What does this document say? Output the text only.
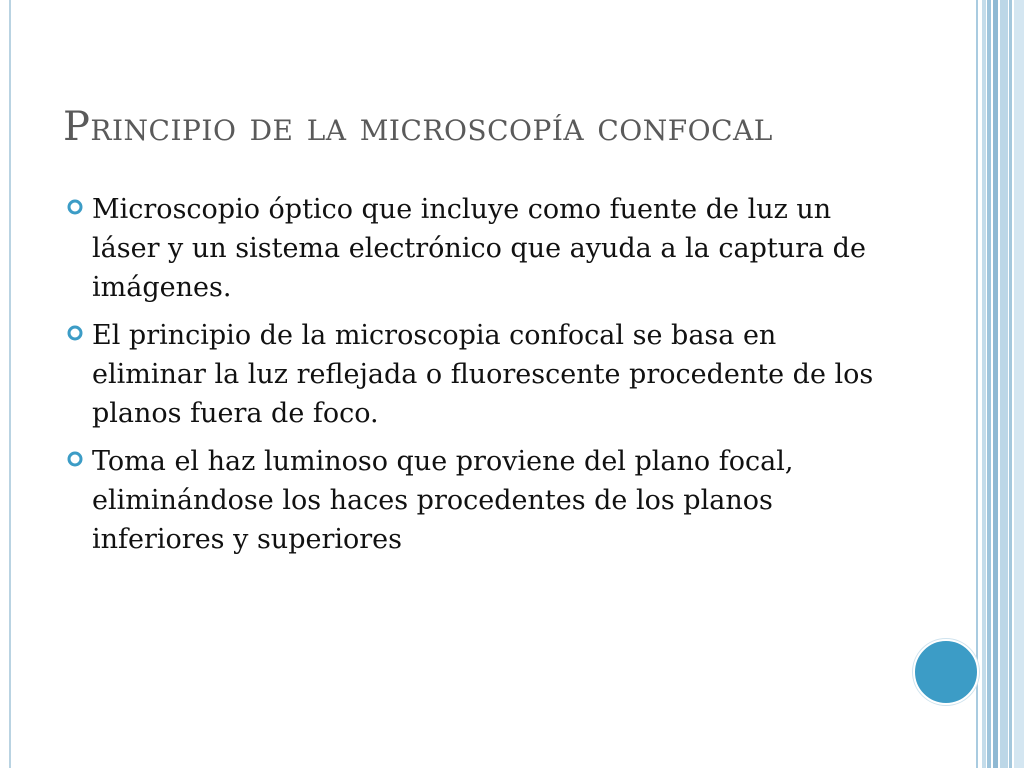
Principio de la microscopía confocal
Microscopio óptico que incluye como fuente de luz un láser y un sistema electrónico que ayuda a la captura de imágenes.
El principio de la microscopia confocal se basa en eliminar la luz reflejada o fluorescente procedente de los planos fuera de foco.
Toma el haz luminoso que proviene del plano focal, eliminándose los haces procedentes de los planos inferiores y superiores
